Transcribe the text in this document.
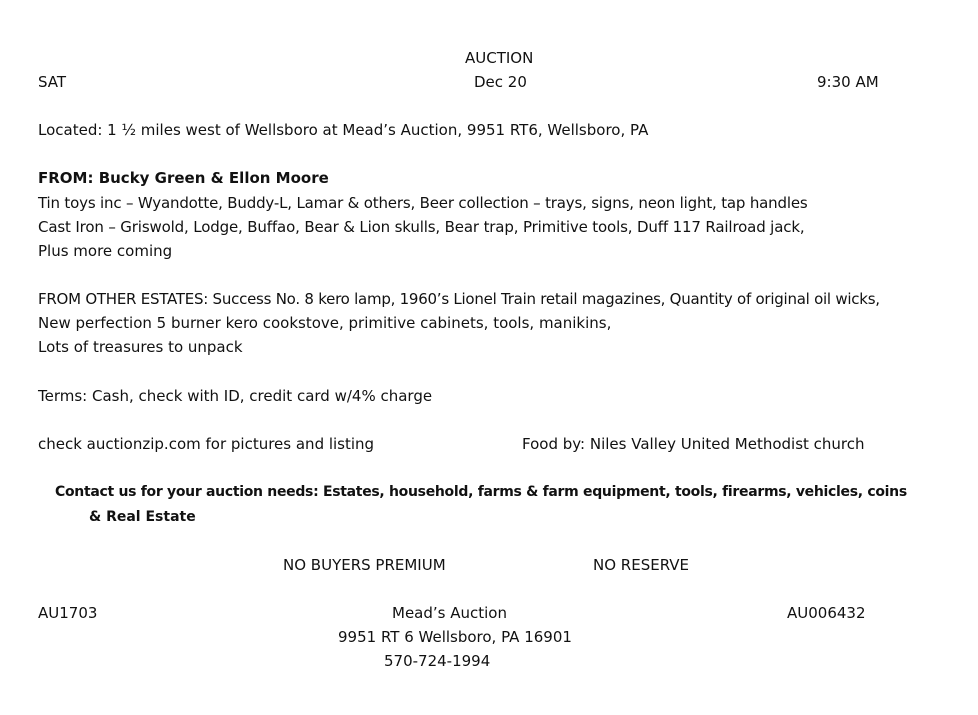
AUCTION
SAT	Dec 20	9:30 AM
Located: 1 ½ miles west of Wellsboro at Mead’s Auction, 9951 RT6, Wellsboro, PA
FROM: Bucky Green & Ellon Moore
Tin toys inc – Wyandotte, Buddy-L, Lamar & others, Beer collection – trays, signs, neon light, tap handles
Cast Iron – Griswold, Lodge, Buffao, Bear & Lion skulls, Bear trap, Primitive tools, Duff 117 Railroad jack,
Plus more coming
FROM OTHER ESTATES: Success No. 8 kero lamp, 1960’s Lionel Train retail magazines, Quantity of original oil wicks,
New perfection 5 burner kero cookstove, primitive cabinets, tools, manikins,
Lots of treasures to unpack
Terms: Cash, check with ID, credit card w/4% charge
check auctionzip.com for pictures and listing	Food by: Niles Valley United Methodist church
Contact us for your auction needs: Estates, household, farms & farm equipment, tools, firearms, vehicles, coins
& Real Estate
NO BUYERS PREMIUM	NO RESERVE
AU1703	Mead’s Auction	AU006432
9951 RT 6 Wellsboro, PA 16901
570-724-1994
